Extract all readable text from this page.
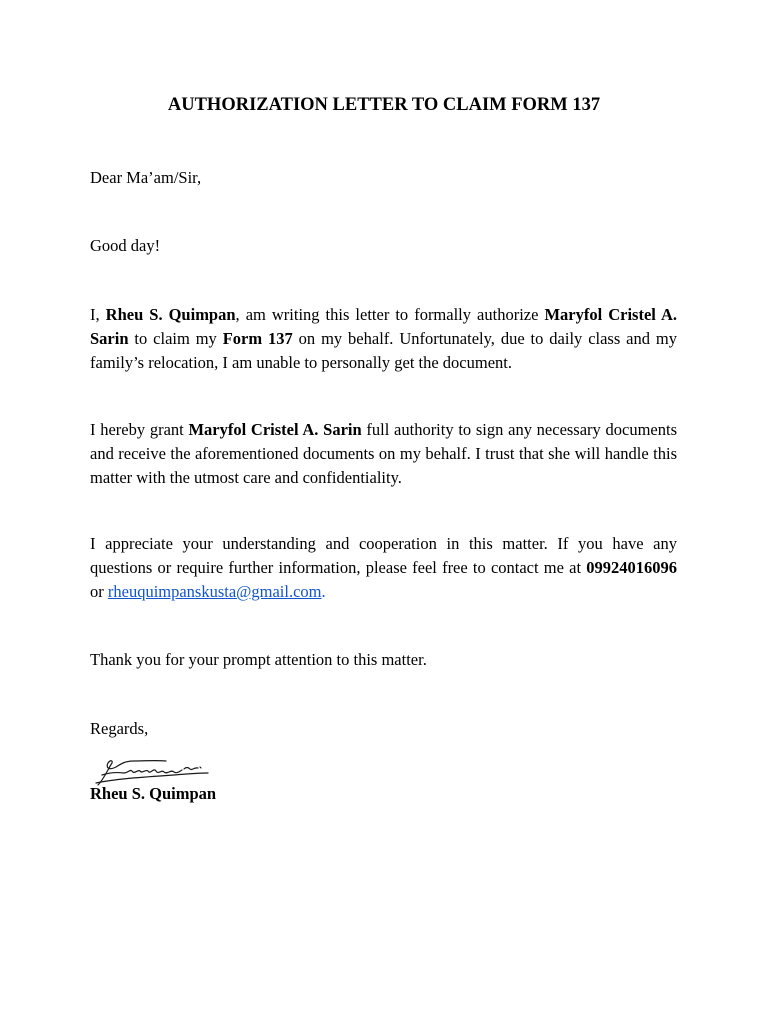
AUTHORIZATION LETTER TO CLAIM FORM 137

Dear Ma’am/Sir,

Good day!

I, Rheu S. Quimpan, am writing this letter to formally authorize Maryfol Cristel A. Sarin to claim my Form 137 on my behalf. Unfortunately, due to daily class and my family’s relocation, I am unable to personally get the document.

I hereby grant Maryfol Cristel A. Sarin full authority to sign any necessary documents and receive the aforementioned documents on my behalf. I trust that she will handle this matter with the utmost care and confidentiality.

I appreciate your understanding and cooperation in this matter. If you have any questions or require further information, please feel free to contact me at 09924016096 or rheuquimpanskusta@gmail.com.

Thank you for your prompt attention to this matter.

Regards,

Rheu S. Quimpan
